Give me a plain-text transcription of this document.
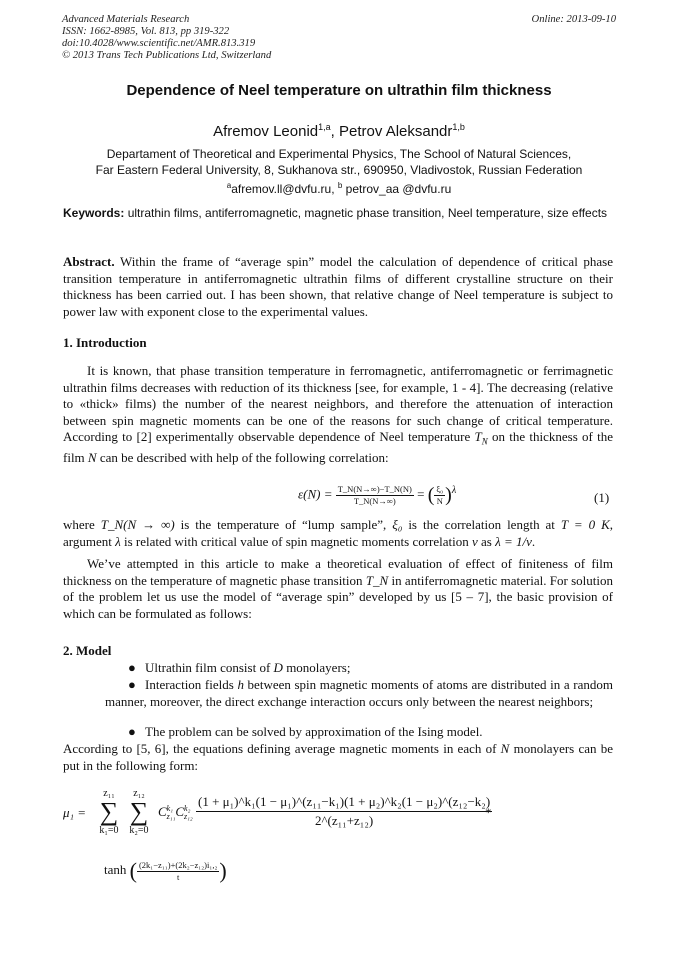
Advanced Materials Research
ISSN: 1662-8985, Vol. 813, pp 319-322
doi:10.4028/www.scientific.net/AMR.813.319
© 2013 Trans Tech Publications Ltd, Switzerland
Online: 2013-09-10
Dependence of Neel temperature on ultrathin film thickness
Afremov Leonid$^{1,a}$, Petrov Aleksandr$^{1,b}$
Departament of Theoretical and Experimental Physics, The School of Natural Sciences,
Far Eastern Federal University, 8, Sukhanova str., 690950, Vladivostok, Russian Federation
$^a$afremov.ll@dvfu.ru, $^b$ petrov_aa @dvfu.ru
Keywords: ultrathin films, antiferromagnetic, magnetic phase transition, Neel temperature, size effects
Abstract. Within the frame of “average spin” model the calculation of dependence of critical phase transition temperature in antiferromagnetic ultrathin films of different crystalline structure on their thickness has been carried out. I has been shown, that relative change of Neel temperature is subject to power law with exponent close to the experimental values.
1. Introduction
It is known, that phase transition temperature in ferromagnetic, antiferromagnetic or ferrimagnetic ultrathin films decreases with reduction of its thickness [see, for example, 1 - 4]. The decreasing (relative to «thick» films) the number of the nearest neighbors, and therefore the attenuation of interaction between spin magnetic moments can be one of the reasons for such change of critical temperature. According to [2] experimentally observable dependence of Neel temperature $T_N$ on the thickness of the film N can be described with help of the following correlation:
$\varepsilon(N) = \frac{T\_N(N\to\infty)-T\_N(N)}{T\_N(N\to\infty)}$ = ( $\frac{\text{ξ₀}}{N} )^\lambda$	(1)
where T_N(N → ∞) is the temperature of “lump sample”, ξ₀ is the correlation length at T = 0 K, argument λ is related with critical value of spin magnetic moments correlation ν as λ = 1/ν.
We’ve attempted in this article to make a theoretical evaluation of effect of finiteness of film thickness on the temperature of magnetic phase transition T_N in antiferromagnetic material. For solution of the problem let us use the model of “average spin” developed by us [5 – 7], the basic provision of which can be formulated as follows:
2. Model
● Ultrathin film consist of D monolayers;
● Interaction fields h between spin magnetic moments of atoms are distributed in a random manner, moreover, the direct exchange interaction occurs only between the nearest neighbors;
● The problem can be solved by approximation of the Ising model.
According to [5, 6], the equations defining average magnetic moments in each of N monolayers can be put in the following form:
μ₁ =
z₁₁
∑
k₁=0
z₁₂
∑
k₂=0
Ck₁
z₁₁Ck₂
$z_{12} \frac{\text{(1 + μ₁)\textasciicircum{}k₁(1 − μ₁)\textasciicircum{}(z₁₁−k₁)(1 + μ₂)\textasciicircum{}k₂(1 − μ₂)\textasciicircum{}(z₁₂−k₂)}}{\text{2\textasciicircum{}(z₁₁+z₁₂)}}$
*
tanh ( $\frac{\text{(2k₁−z₁₁)+(2k₂−z₁₂)i₁,₂}}{t}$ )
